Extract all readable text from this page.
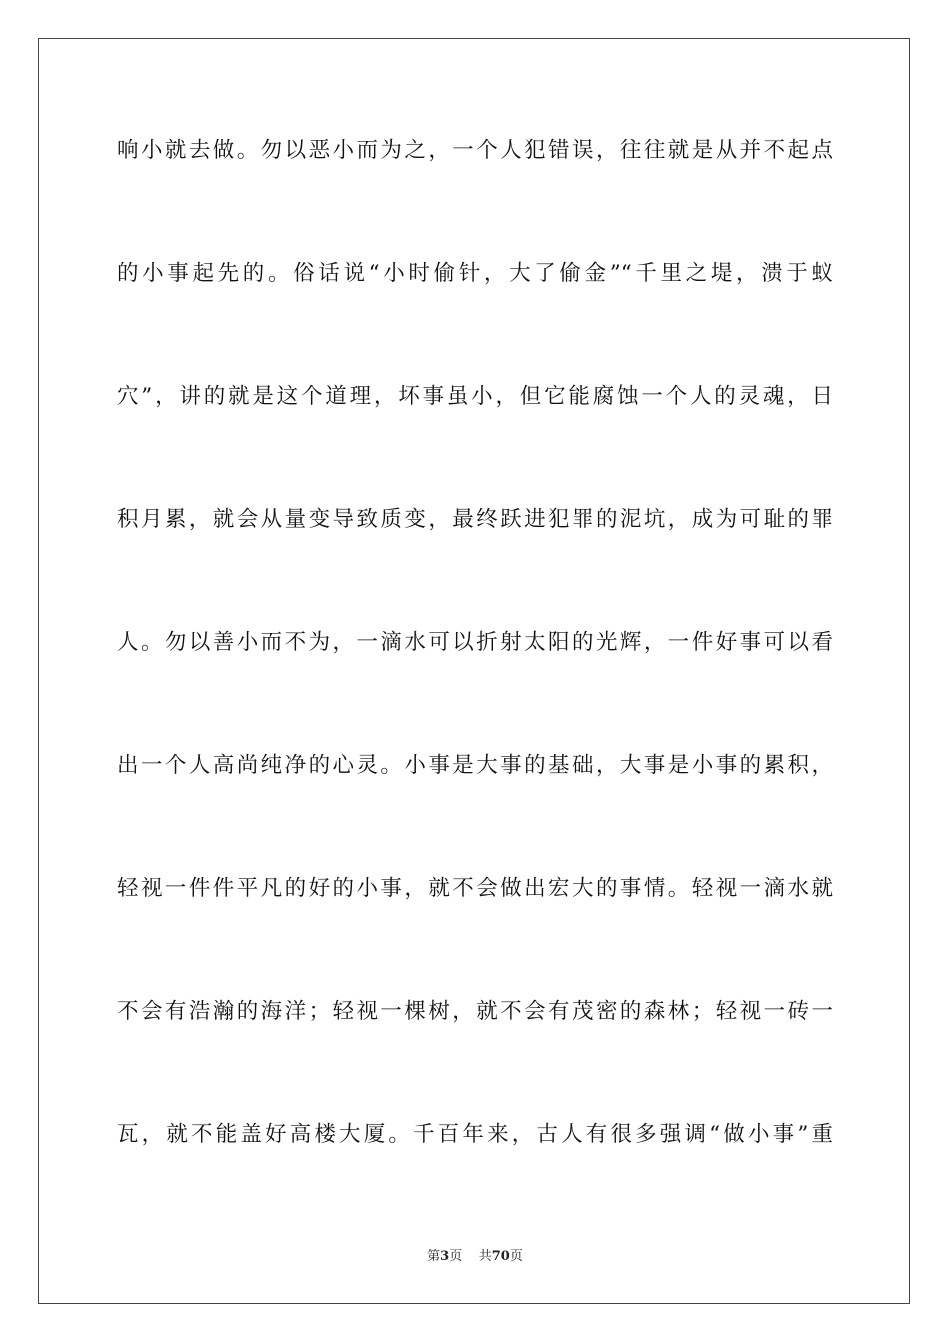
响小就去做。勿以恶小而为之，一个人犯错误，往往就是从并不起点
的小事起先的。俗话说“小时偷针，大了偷金”“千里之堤，溃于蚁
穴”，讲的就是这个道理，坏事虽小，但它能腐蚀一个人的灵魂，日
积月累，就会从量变导致质变，最终跃进犯罪的泥坑，成为可耻的罪
人。勿以善小而不为，一滴水可以折射太阳的光辉，一件好事可以看
出一个人高尚纯净的心灵。小事是大事的基础，大事是小事的累积，
轻视一件件平凡的好的小事，就不会做出宏大的事情。轻视一滴水就
不会有浩瀚的海洋；轻视一棵树，就不会有茂密的森林；轻视一砖一
瓦，就不能盖好高楼大厦。千百年来，古人有很多强调“做小事”重
第3页 共70页
